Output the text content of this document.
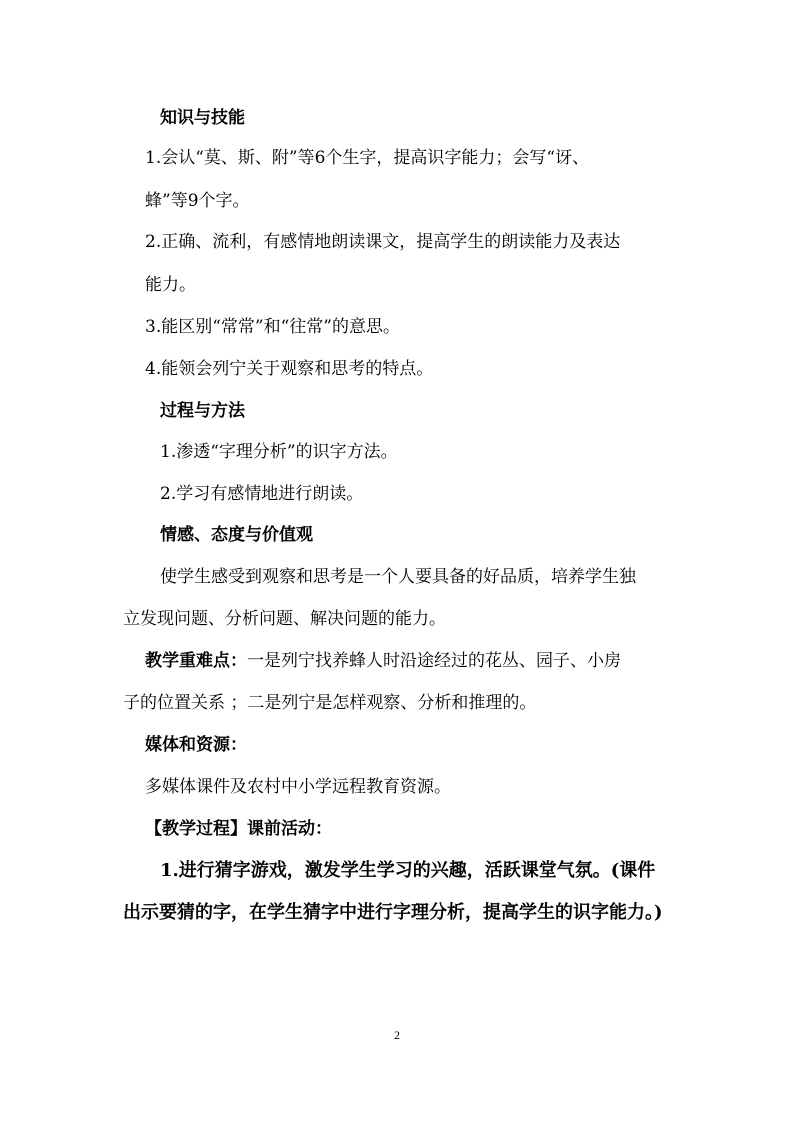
知识与技能
1.会认“莫、斯、附”等6个生字，提高识字能力；会写“讶、
蜂”等9个字。
2.正确、流利，有感情地朗读课文，提高学生的朗读能力及表达
能力。
3.能区别“常常”和“往常”的意思。
4.能领会列宁关于观察和思考的特点。
过程与方法
1.渗透“字理分析”的识字方法。
2.学习有感情地进行朗读。
情感、态度与价值观
使学生感受到观察和思考是一个人要具备的好品质，培养学生独
立发现问题、分析问题、解决问题的能力。
教学重难点：一是列宁找养蜂人时沿途经过的花丛、园子、小房
子的位置关系 ；二是列宁是怎样观察、分析和推理的。
媒体和资源：
多媒体课件及农村中小学远程教育资源。
【教学过程】课前活动：
1.进行猜字游戏，激发学生学习的兴趣，活跃课堂气氛。(课件
出示要猜的字，在学生猜字中进行字理分析，提高学生的识字能力。)
2
